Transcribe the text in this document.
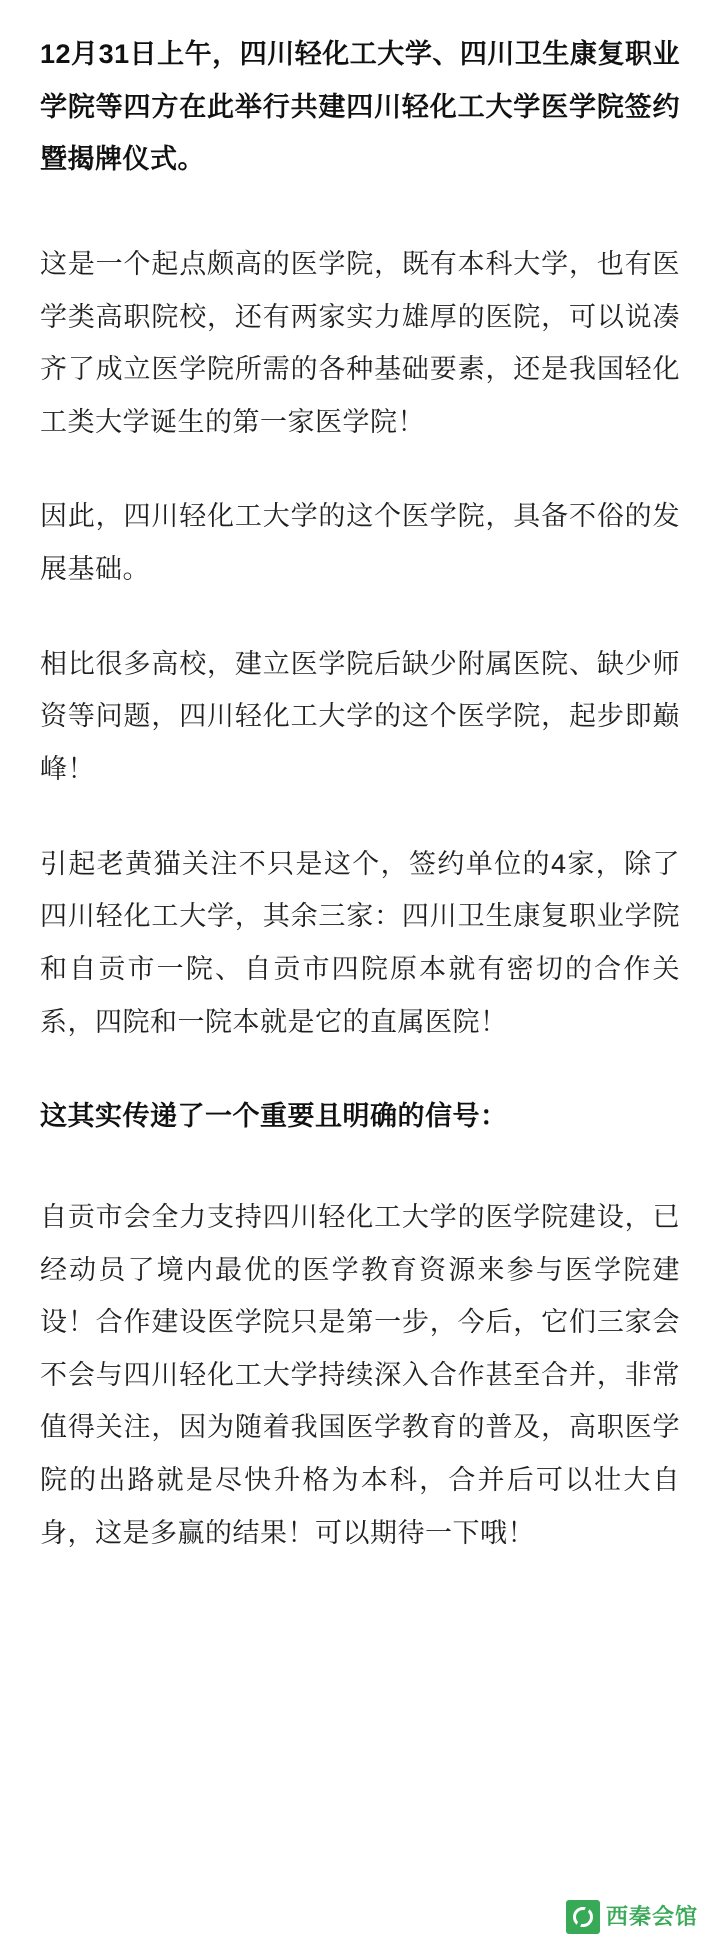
12月31日上午，四川轻化工大学、四川卫生康复职业学院等四方在此举行共建四川轻化工大学医学院签约暨揭牌仪式。

这是一个起点颇高的医学院，既有本科大学，也有医学类高职院校，还有两家实力雄厚的医院，可以说凑齐了成立医学院所需的各种基础要素，还是我国轻化工类大学诞生的第一家医学院！

因此，四川轻化工大学的这个医学院，具备不俗的发展基础。

相比很多高校，建立医学院后缺少附属医院、缺少师资等问题，四川轻化工大学的这个医学院，起步即巅峰！

引起老黄猫关注不只是这个，签约单位的4家，除了四川轻化工大学，其余三家：四川卫生康复职业学院和自贡市一院、自贡市四院原本就有密切的合作关系，四院和一院本就是它的直属医院！

这其实传递了一个重要且明确的信号：

自贡市会全力支持四川轻化工大学的医学院建设，已经动员了境内最优的医学教育资源来参与医学院建设！合作建设医学院只是第一步，今后，它们三家会不会与四川轻化工大学持续深入合作甚至合并，非常值得关注，因为随着我国医学教育的普及，高职医学院的出路就是尽快升格为本科，合并后可以壮大自身，这是多赢的结果！可以期待一下哦！

西秦会馆
